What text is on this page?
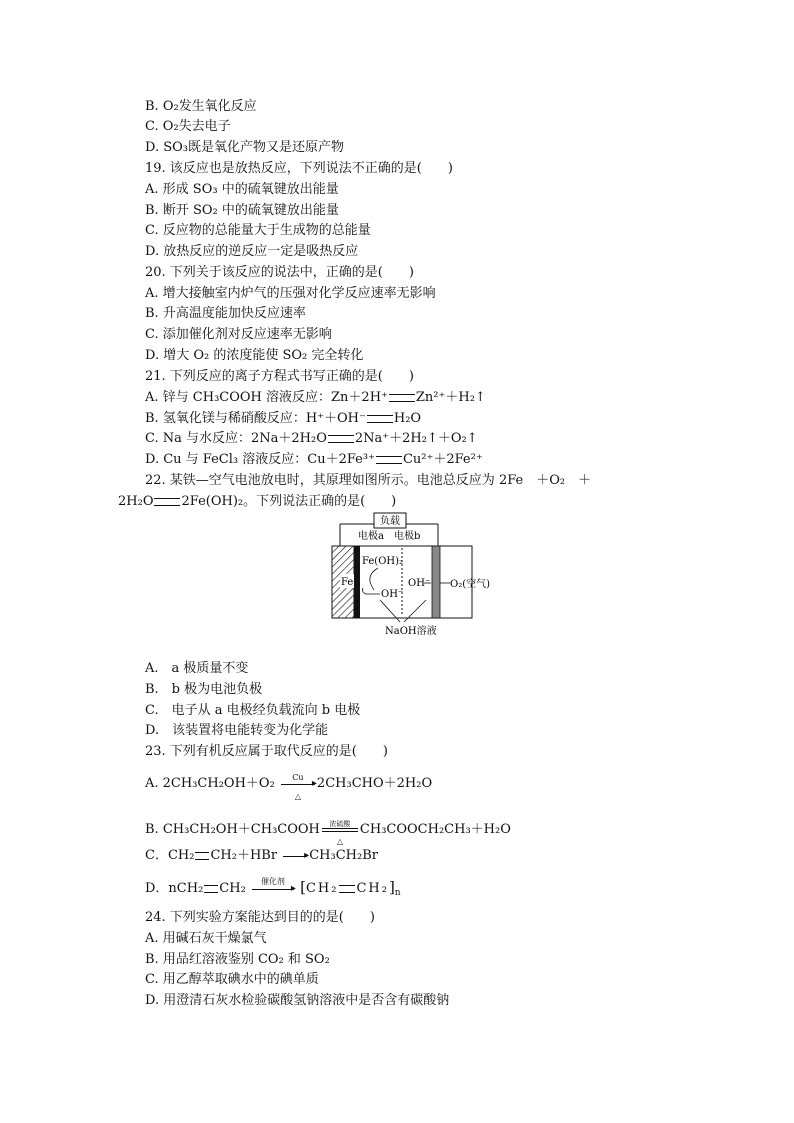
B. O₂发生氧化反应
C. O₂失去电子
D. SO₃既是氧化产物又是还原产物
19. 该反应也是放热反应，下列说法不正确的是(　　)
A. 形成 SO₃ 中的硫氧键放出能量
B. 断开 SO₂ 中的硫氧键放出能量
C. 反应物的总能量大于生成物的总能量
D. 放热反应的逆反应一定是吸热反应
20. 下列关于该反应的说法中，正确的是(　　)
A. 增大接触室内炉气的压强对化学反应速率无影响
B. 升高温度能加快反应速率
C. 添加催化剂对反应速率无影响
D. 增大 O₂ 的浓度能使 SO₂ 完全转化
21. 下列反应的离子方程式书写正确的是(　　)
A. 锌与 CH₃COOH 溶液反应：Zn＋2H⁺ Zn²⁺＋H₂↑
B. 氢氧化镁与稀硝酸反应：H⁺＋OH⁻ H₂O
C. Na 与水反应：2Na＋2H₂O 2Na⁺＋2H₂↑＋O₂↑
D. Cu 与 FeCl₃ 溶液反应：Cu＋2Fe³⁺ Cu²⁺＋2Fe²⁺
22. 某铁—空气电池放电时，其原理如图所示。电池总反应为 2Fe　＋O₂　＋
2H₂O 2Fe(OH)₂。下列说法正确的是(　　)
负载
电极a 电极b
Fe
Fe(OH)₂
OH⁻
OH⁻ O₂(空气)
NaOH溶液
A.　a 极质量不变
B.　b 极为电池负极
C.　电子从 a 电极经负载流向 b 电极
D.　该装置将电能转变为化学能
23. 下列有机反应属于取代反应的是(　　)
A. 2CH₃CH₂OH＋O₂	Cu
▸
△
2CH₃CHO＋2H₂O
B. CH₃CH₂OH＋CH₃COOH	浓硫酸
△
CH₃COOCH₂CH₃＋H₂O
C．CH₂ CH₂＋HBr	▸ CH₃CH₂Br
D．nCH₂ CH₂	催化剂
▸ [CH₂ $CH_2]_n$
24. 下列实验方案能达到目的的是(　　)
A. 用碱石灰干燥氯气
B. 用品红溶液鉴别 CO₂ 和 SO₂
C. 用乙醇萃取碘水中的碘单质
D. 用澄清石灰水检验碳酸氢钠溶液中是否含有碳酸钠
